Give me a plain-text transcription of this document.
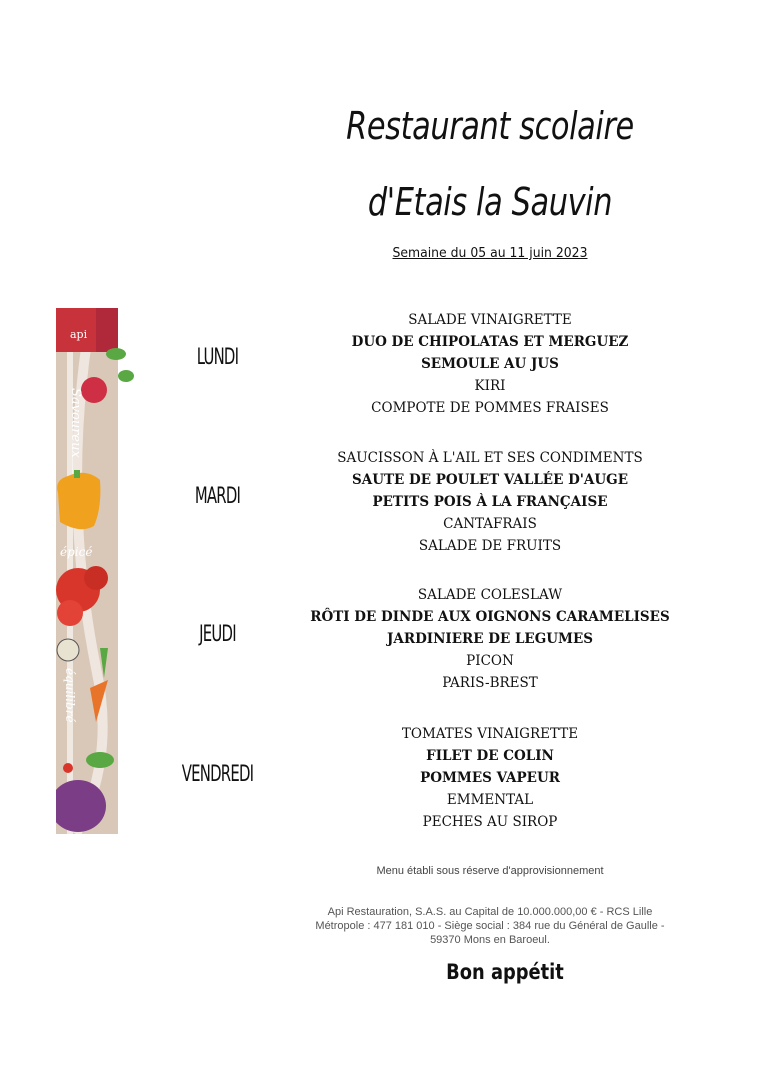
Restaurant scolaire
d'Etais la Sauvin
Semaine du 05 au 11 juin 2023
api
Savoureux
épicé
équilibré
LUNDI
MARDI
JEUDI
VENDREDI
SALADE VINAIGRETTE
DUO DE CHIPOLATAS ET MERGUEZ
SEMOULE AU JUS
KIRI
COMPOTE DE POMMES FRAISES
SAUCISSON À L'AIL ET SES CONDIMENTS
SAUTE DE POULET VALLÉE D'AUGE
PETITS POIS À LA FRANÇAISE
CANTAFRAIS
SALADE DE FRUITS
SALADE COLESLAW
RÔTI DE DINDE AUX OIGNONS CARAMELISES
JARDINIERE DE LEGUMES
PICON
PARIS-BREST
TOMATES VINAIGRETTE
FILET DE COLIN
POMMES VAPEUR
EMMENTAL
PECHES AU SIROP
Menu établi sous réserve d'approvisionnement
Api Restauration, S.A.S. au Capital de 10.000.000,00 € - RCS Lille
Métropole : 477 181 010 - Siège social : 384 rue du Général de Gaulle -
59370 Mons en Baroeul.
Bon appétit
